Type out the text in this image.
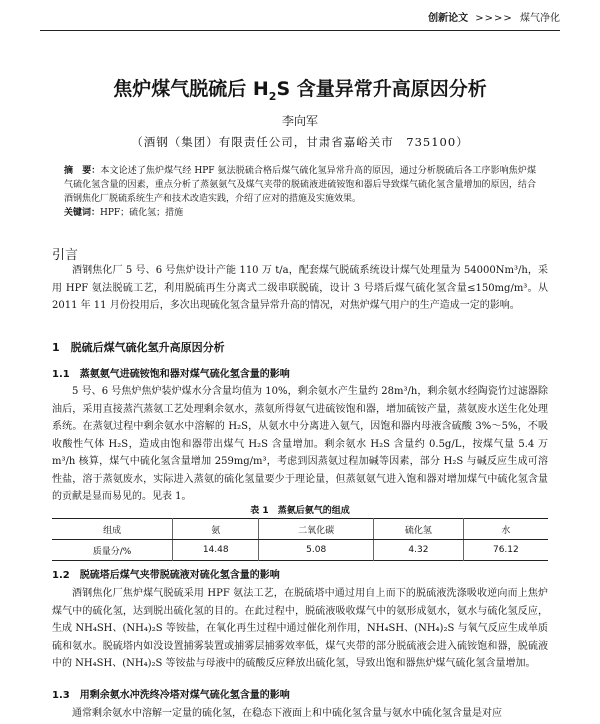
创新论文 >>>> 煤气净化
焦炉煤气脱硫后 $H_2S$ 含量异常升高原因分析
李向军
（酒钢（集团）有限责任公司，甘肃省嘉峪关市　735100）
摘　要：本文论述了焦炉煤气经 HPF 氨法脱硫合格后煤气硫化氢异常升高的原因，通过分析脱硫后各工序影响焦炉煤气硫化氢含量的因素，重点分析了蒸氨氨气及煤气夹带的脱硫液进硫铵饱和器后导致煤气硫化氢含量增加的原因，结合酒钢焦化厂脱硫系统生产和技术改造实践，介绍了应对的措施及实施效果。
关键词：HPF；硫化氢；措施
引言
酒钢焦化厂 5 号、6 号焦炉设计产能 110 万 t/a，配套煤气脱硫系统设计煤气处理量为 54000Nm³/h，采用 HPF 氨法脱硫工艺，利用脱硫再生分离式二级串联脱硫，设计 3 号塔后煤气硫化氢含量≤150mg/m³。从 2011 年 11 月份投用后，多次出现硫化氢含量异常升高的情况，对焦炉煤气用户的生产造成一定的影响。
1　脱硫后煤气硫化氢升高原因分析
1.1　蒸氨氨气进硫铵饱和器对煤气硫化氢含量的影响
5 号、6 号焦炉焦炉装炉煤水分含量均值为 10%，剩余氨水产生量约 28m³/h，剩余氨水经陶瓷竹过滤器除油后，采用直接蒸汽蒸氨工艺处理剩余氨水，蒸氨所得氨气进硫铵饱和器，增加硫铵产量，蒸氨废水送生化处理系统。在蒸氨过程中剩余氨水中溶解的 H₂S，从氨水中分离进入氨气，因饱和器内母液含硫酸 3%～5%，不吸收酸性气体 H₂S，造成由饱和器带出煤气 H₂S 含量增加。剩余氨水 H₂S 含量约 0.5g/L，按煤气量 5.4 万 m³/h 核算，煤气中硫化氢含量增加 259mg/m³，考虑到因蒸氨过程加碱等因素，部分 H₂S 与碱反应生成可溶性盐，溶于蒸氨废水，实际进入蒸氨的硫化氢量要少于理论量，但蒸氨氨气进入饱和器对增加煤气中硫化氢含量的贡献是显而易见的。见表 1。
表 1　蒸氨后氨气的组成
组成	氨	二氧化碳	硫化氢	水
质量分/%	14.48	5.08	4.32	76.12
1.2　脱硫塔后煤气夹带脱硫液对硫化氢含量的影响
酒钢焦化厂焦炉煤气脱硫采用 HPF 氨法工艺，在脱硫塔中通过用自上而下的脱硫液洗涤吸收逆向而上焦炉煤气中的硫化氢，达到脱出硫化氢的目的。在此过程中，脱硫液吸收煤气中的氨形成氨水，氨水与硫化氢反应，生成 NH₄SH、(NH₄)₂S 等铵盐，在氧化再生过程中通过催化剂作用，NH₄SH、(NH₄)₂S 与氧气反应生成单质硫和氨水。脱硫塔内如没设置捕雾装置或捕雾层捕雾效率低，煤气夹带的部分脱硫液会进入硫铵饱和器，脱硫液中的 NH₄SH、(NH₄)₂S 等铵盐与母液中的硫酸反应释放出硫化氢，导致出饱和器焦炉煤气硫化氢含量增加。
1.3　用剩余氨水冲洗终冷塔对煤气硫化氢含量的影响
通常剩余氨水中溶解一定量的硫化氢，在稳态下液面上和中硫化氢含量与氨水中硫化氢含量是对应
